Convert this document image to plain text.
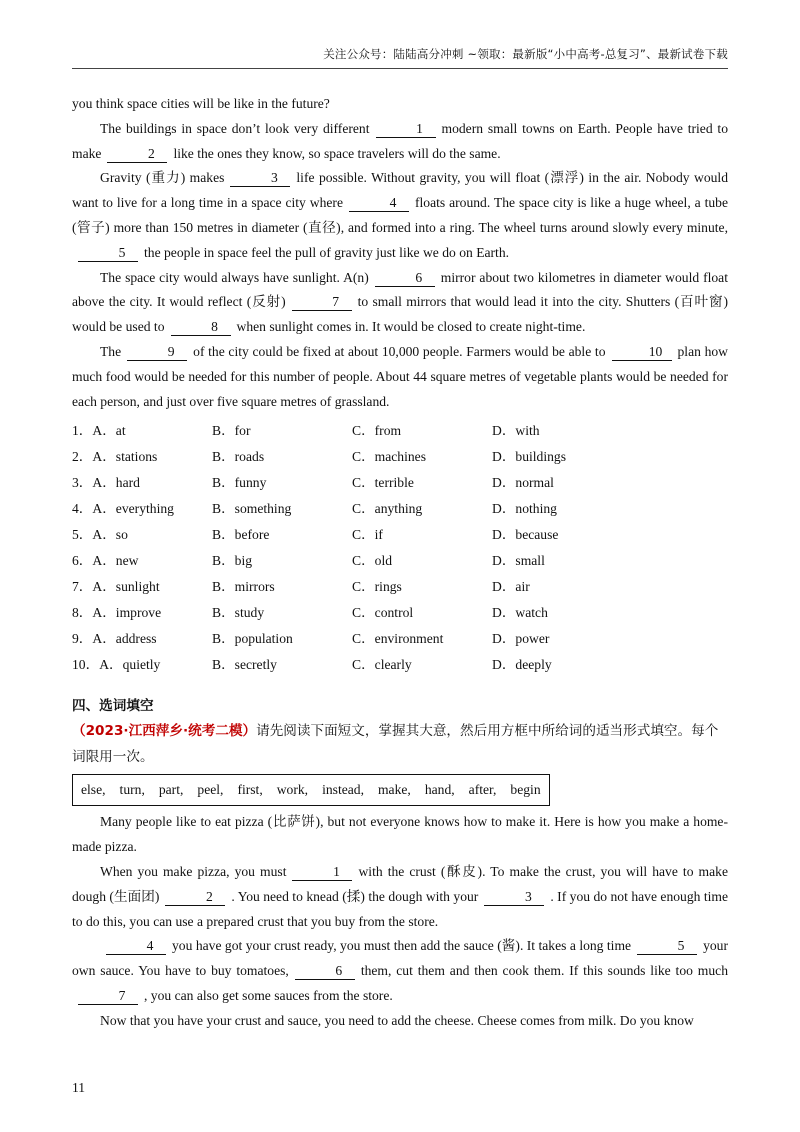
关注公众号：陆陆高分冲刺 ~领取：最新版“小中高考-总复习”、最新试卷下载

you think space cities will be like in the future?

The buildings in space don’t look very different	1 modern small towns on Earth. People have tried to make	2 like the ones they know, so space travelers will do the same.

Gravity (重力) makes	3 life possible. Without gravity, you will float (漂浮) in the air. Nobody would want to live for a long time in a space city where	4 floats around. The space city is like a huge wheel, a tube (管子) more than 150 metres in diameter (直径), and formed into a ring. The wheel turns around slowly every minute,5 the people in space feel the pull of gravity just like we do on Earth.

The space city would always have sunlight. A(n)	6 mirror about two kilometres in diameter would float above the city. It would reflect (反射)	7 to small mirrors that would lead it into the city. Shutters (百叶窗) would be used to	8 when sunlight comes in. It would be closed to create night-time.

The	9 of the city could be fixed at about 10,000 people. Farmers would be able to	10 plan how much food would be needed for this number of people. About 44 square metres of vegetable plants would be needed for each person, and just over five square metres of grassland.

1．A．at	B．for	C．from	D．with
2．A．stations	B．roads	C．machines	D．buildings
3．A．hard	B．funny	C．terrible	D．normal
4．A．everything	B．something	C．anything	D．nothing
5．A．so	B．before	C．if	D．because
6．A．new	B．big	C．old	D．small
7．A．sunlight	B．mirrors	C．rings	D．air
8．A．improve	B．study	C．control	D．watch
9．A．address	B．population	C．environment	D．power
10．A．quietly	B．secretly	C．clearly	D．deeply
四、选词填空
（2023·江西萍乡·统考二模）请先阅读下面短文，掌握其大意，然后用方框中所给词的适当形式填空。每个词限用一次。
else, turn, part, peel, first, work, instead, make, hand, after, begin

Many people like to eat pizza (比萨饼), but not everyone knows how to make it. Here is how you make a home-made pizza.

When you make pizza, you must	1 with the crust (酥皮). To make the crust, you will have to make dough (生面团)	2 . You need to knead (揉) the dough with your	3 . If you do not have enough time to do this, you can use a prepared crust that you buy from the store.

4 you have got your crust ready, you must then add the sauce (酱). It takes a long time	5 your own sauce. You have to buy tomatoes,	6 them, cut them and then cook them. If this sounds like too much7 , you can also get some sauces from the store.

Now that you have your crust and sauce, you need to add the cheese. Cheese comes from milk. Do you know

11
